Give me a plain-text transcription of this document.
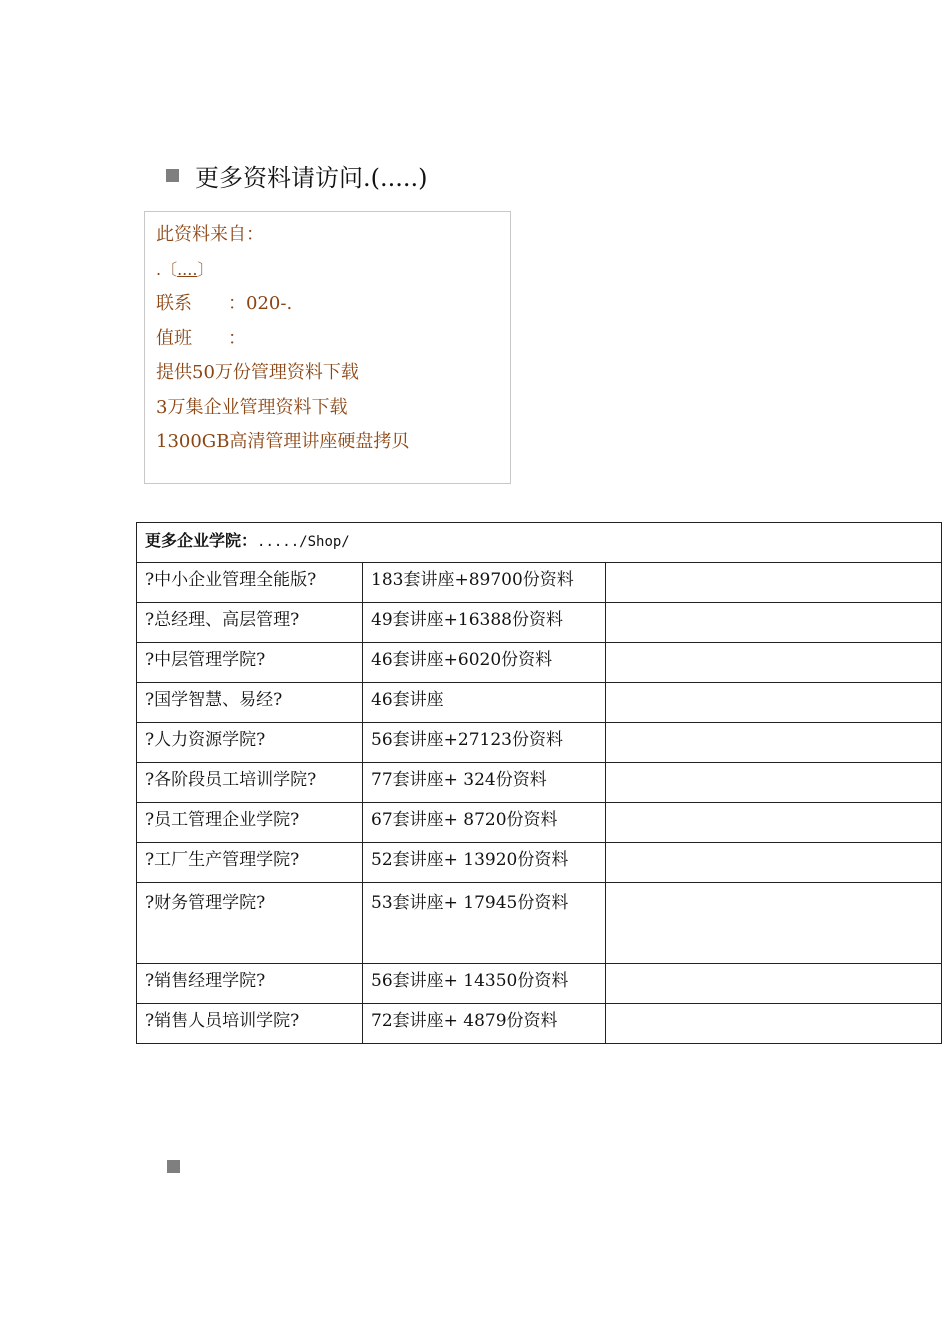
更多资料请访问.(.....)
此资料来自：
.〔....〕
联系　　：020-.
值班　　：
提供50万份管理资料下载
3万集企业管理资料下载
1300GB高清管理讲座硬盘拷贝
更多企业学院：...../Shop/		
?中小企业管理全能版?	183套讲座+89700份资料	
?总经理、高层管理?	49套讲座+16388份资料	
?中层管理学院?	46套讲座+6020份资料	
?国学智慧、易经?	46套讲座	
?人力资源学院?	56套讲座+27123份资料	
?各阶段员工培训学院?	77套讲座+ 324份资料	
?员工管理企业学院?	67套讲座+ 8720份资料	
?工厂生产管理学院?	52套讲座+ 13920份资料	
?财务管理学院?	53套讲座+ 17945份资料	
?销售经理学院?	56套讲座+ 14350份资料	
?销售人员培训学院?	72套讲座+ 4879份资料	
